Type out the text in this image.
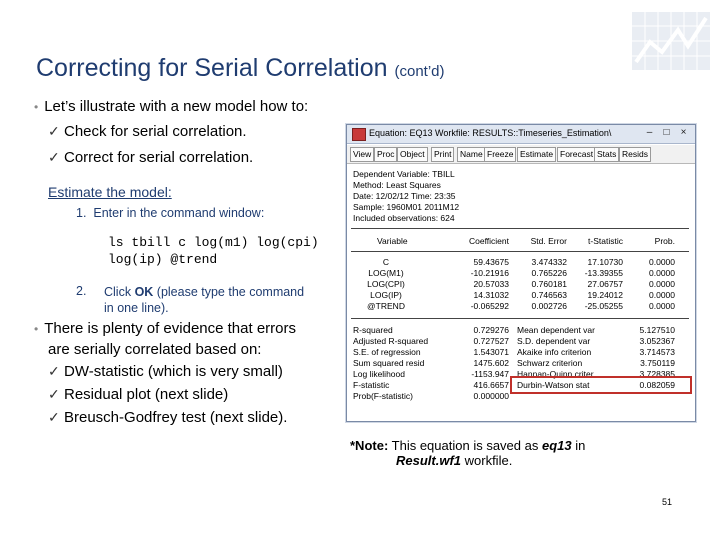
Correcting for Serial Correlation (cont’d)
• Let’s illustrate with a new model how to:
✓ Check for serial correlation.
✓ Correct for serial correlation.
Estimate the model:
1. Enter in the command window:
ls tbill c log(m1) log(cpi)
log(ip) @trend
2. Click OK (please type the command
in one line).
• There is plenty of evidence that errors
are serially correlated based on:
✓ DW-statistic (which is very small)
✓ Residual plot (next slide)
✓ Breusch-Godfrey test (next slide).
Equation: EQ13 Workfile: RESULTS::Timeseries_Estimation\	–	□	×
View Proc Object	Print	Name Freeze Estimate Forecast Stats Resids
Dependent Variable: TBILL
Method: Least Squares
Date: 12/02/12 Time: 23:35
Sample: 1960M01 2011M12
Included observations: 624
Variable	Coefficient	Std. Error	t-Statistic	Prob.
C	59.43675	3.474332	17.10730	0.0000
LOG(M1)	-10.21916	0.765226	-13.39355	0.0000
LOG(CPI)	20.57033	0.760181	27.06757	0.0000
LOG(IP)	14.31032	0.746563	19.24012	0.0000
@TREND	-0.065292	0.002726	-25.05255	0.0000
R-squared	0.729276 Mean dependent var	5.127510
Adjusted R-squared	0.727527 S.D. dependent var	3.052367
S.E. of regression	1.543071 Akaike info criterion	3.714573
Sum squared resid	1475.602 Schwarz criterion	3.750119
Log likelihood	-1153.947 Hannan-Quinn criter.	3.728385
F-statistic	416.6657 Durbin-Watson stat	0.082059
Prob(F-statistic)	0.000000
*Note: This equation is saved as eq13 in
Result.wf1 workfile.
51
